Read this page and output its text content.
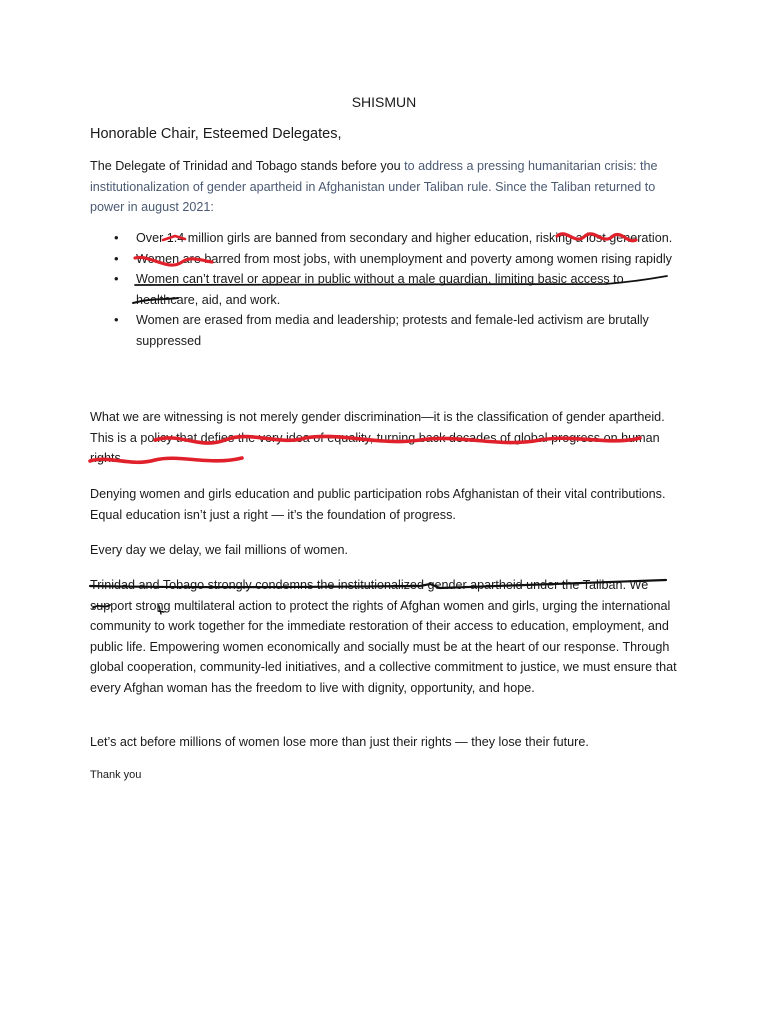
SHISMUN
Honorable Chair, Esteemed Delegates,
The Delegate of Trinidad and Tobago stands before you to address a pressing humanitarian crisis: the institutionalization of gender apartheid in Afghanistan under Taliban rule. Since the Taliban returned to power in august 2021:
• Over 1.4 million girls are banned from secondary and higher education, risking a lost generation.
• Women are barred from most jobs, with unemployment and poverty among women rising rapidly
• Women can’t travel or appear in public without a male guardian, limiting basic access to healthcare, aid, and work.
• Women are erased from media and leadership; protests and female-led activism are brutally suppressed
What we are witnessing is not merely gender discrimination—it is the classification of gender apartheid. This is a policy that defies the very idea of equality, turning back decades of global progress on human rights.
Denying women and girls education and public participation robs Afghanistan of their vital contributions. Equal education isn’t just a right — it’s the foundation of progress.
Every day we delay, we fail millions of women.
Trinidad and Tobago strongly condemns the institutionalized gender apartheid under the Taliban. We support strong multilateral action to protect the rights of Afghan women and girls, urging the international community to work together for the immediate restoration of their access to education, employment, and public life. Empowering women economically and socially must be at the heart of our response. Through global cooperation, community-led initiatives, and a collective commitment to justice, we must ensure that every Afghan woman has the freedom to live with dignity, opportunity, and hope.
Let’s act before millions of women lose more than just their rights — they lose their future.
Thank you
